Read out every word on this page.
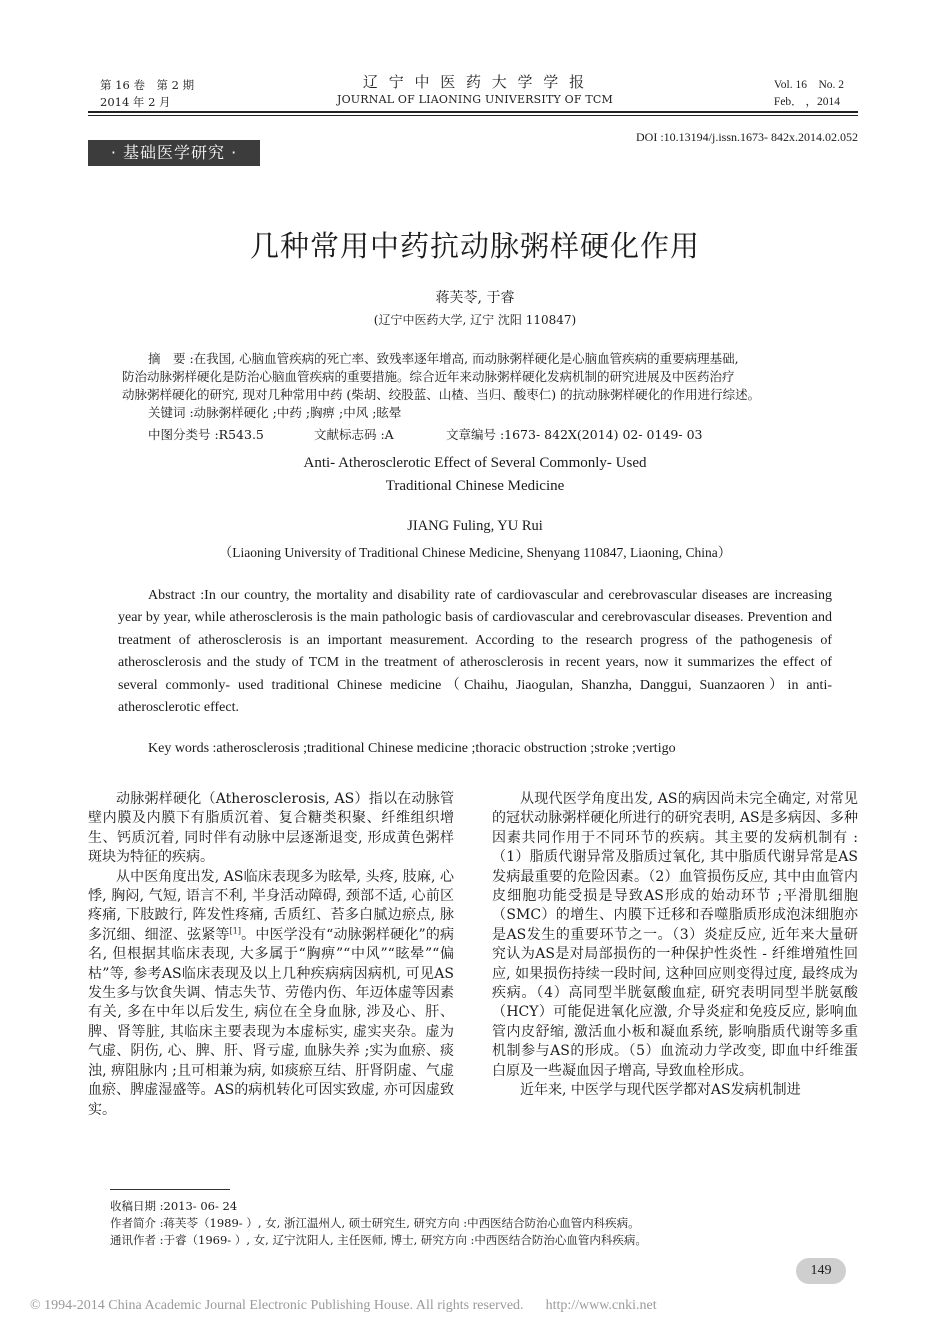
第 16 卷　第 2 期
2014 年 2 月
辽 宁 中 医 药 大 学 学 报
JOURNAL OF LIAONING UNIVERSITY OF TCM
Vol. 16　No. 2
Feb． ，2014
· 基础医学研究 ·
DOI :10.13194/j.issn.1673- 842x.2014.02.052
几种常用中药抗动脉粥样硬化作用
蒋芙苓, 于睿
(辽宁中医药大学, 辽宁 沈阳 110847)

摘　要 :在我国, 心脑血管疾病的死亡率、致残率逐年增高, 而动脉粥样硬化是心脑血管疾病的重要病理基础,

防治动脉粥样硬化是防治心脑血管疾病的重要措施。综合近年来动脉粥样硬化发病机制的研究进展及中医药治疗

动脉粥样硬化的研究, 现对几种常用中药 (柴胡、绞股蓝、山楂、当归、酸枣仁) 的抗动脉粥样硬化的作用进行综述。

关键词 :动脉粥样硬化 ;中药 ;胸痹 ;中风 ;眩晕

中图分类号 :R543.5	文献标志码 :A	文章编号 :1673- 842X(2014) 02- 0149- 03
Anti- Atherosclerotic Effect of Several Commonly- Used
Traditional Chinese Medicine
JIANG Fuling, YU Rui
（Liaoning University of Traditional Chinese Medicine, Shenyang 110847, Liaoning, China）

Abstract :In our country, the mortality and disability rate of cardiovascular and cerebrovascular diseases are increasing year by year, while atherosclerosis is the main pathologic basis of cardiovascular and cerebrovascular diseases. Prevention and treatment of atherosclerosis is an important measurement. According to the research progress of the pathogenesis of atherosclerosis and the study of TCM in the treatment of atherosclerosis in recent years, now it summarizes the effect of several commonly- used traditional Chinese medicine（Chaihu, Jiaogulan, Shanzha, Danggui, Suanzaoren）in anti- atherosclerotic effect.

Key words :atherosclerosis ;traditional Chinese medicine ;thoracic obstruction ;stroke ;vertigo

动脉粥样硬化（Atherosclerosis, AS）指以在动脉管壁内膜及内膜下有脂质沉着、复合糖类积聚、纤维组织增生、钙质沉着, 同时伴有动脉中层逐渐退变, 形成黄色粥样斑块为特征的疾病。

从中医角度出发, AS临床表现多为眩晕, 头疼, 肢麻, 心悸, 胸闷, 气短, 语言不利, 半身活动障碍, 颈部不适, 心前区疼痛, 下肢跛行, 阵发性疼痛, 舌质红、苔多白腻边瘀点, 脉多沉细、细涩、弦紧等[1]。中医学没有“动脉粥样硬化”的病名, 但根据其临床表现, 大多属于“胸痹”“中风”“眩晕”“偏枯”等, 参考AS临床表现及以上几种疾病病因病机, 可见AS发生多与饮食失调、情志失节、劳倦内伤、年迈体虚等因素有关, 多在中年以后发生, 病位在全身血脉, 涉及心、肝、脾、肾等脏, 其临床主要表现为本虚标实, 虚实夹杂。虚为气虚、阴伤, 心、脾、肝、肾亏虚, 血脉失养 ;实为血瘀、痰浊, 痹阻脉内 ;且可相兼为病, 如痰瘀互结、肝肾阴虚、气虚血瘀、脾虚湿盛等。AS的病机转化可因实致虚, 亦可因虚致实。

从现代医学角度出发, AS的病因尚未完全确定, 对常见的冠状动脉粥样硬化所进行的研究表明, AS是多病因、多种因素共同作用于不同环节的疾病。其主要的发病机制有 :（1）脂质代谢异常及脂质过氧化, 其中脂质代谢异常是AS发病最重要的危险因素。（2）血管损伤反应, 其中由血管内皮细胞功能受损是导致AS形成的始动环节 ;平滑肌细胞（SMC）的增生、内膜下迁移和吞噬脂质形成泡沫细胞亦是AS发生的重要环节之一。（3）炎症反应, 近年来大量研究认为AS是对局部损伤的一种保护性炎性 - 纤维增殖性回应, 如果损伤持续一段时间, 这种回应则变得过度, 最终成为疾病。（4）高同型半胱氨酸血症, 研究表明同型半胱氨酸（HCY）可能促进氧化应激, 介导炎症和免疫反应, 影响血管内皮舒缩, 激活血小板和凝血系统, 影响脂质代谢等多重机制参与AS的形成。（5）血流动力学改变, 即血中纤维蛋白原及一些凝血因子增高, 导致血栓形成。

近年来, 中医学与现代医学都对AS发病机制进

收稿日期 :2013- 06- 24
作者简介 :蒋芙苓（1989- ）, 女, 浙江温州人, 硕士研究生, 研究方向 :中西医结合防治心血管内科疾病。
通讯作者 :于睿（1969- ）, 女, 辽宁沈阳人, 主任医师, 博士, 研究方向 :中西医结合防治心血管内科疾病。
149
© 1994-2014 China Academic Journal Electronic Publishing House. All rights reserved. http://www.cnki.net
